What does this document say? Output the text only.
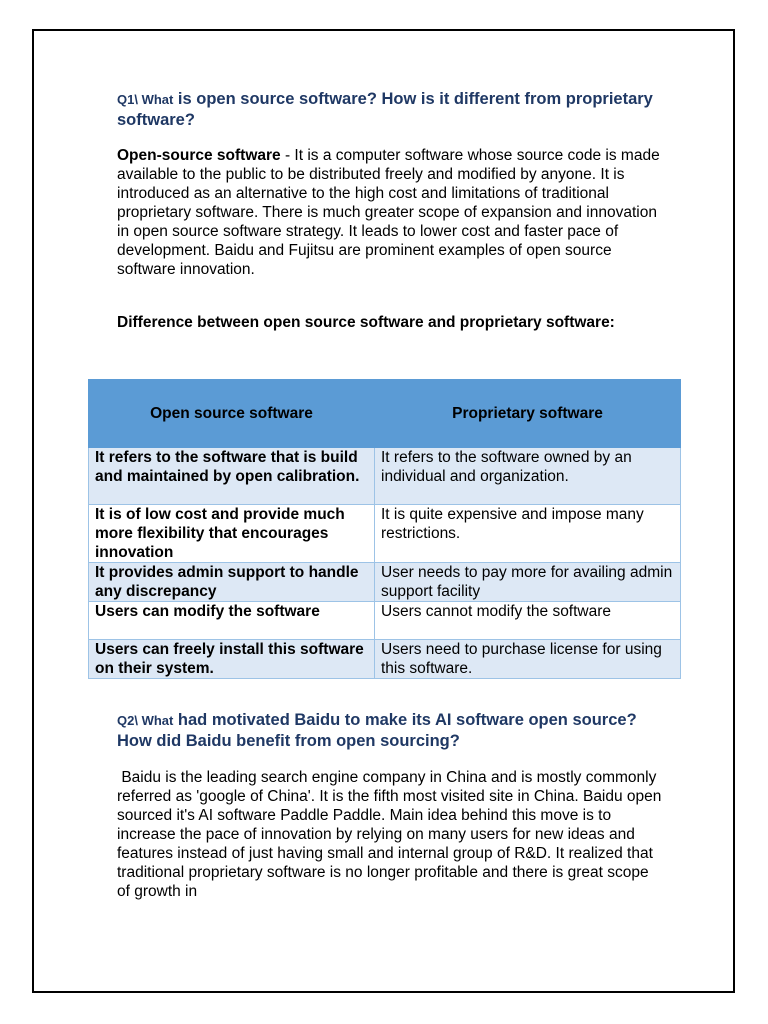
Q1\ What is open source software? How is it different from proprietary software?
Open-source software - It is a computer software whose source code is made available to the public to be distributed freely and modified by anyone. It is introduced as an alternative to the high cost and limitations of traditional proprietary software. There is much greater scope of expansion and innovation in open source software strategy. It leads to lower cost and faster pace of development. Baidu and Fujitsu are prominent examples of open source software innovation.
Difference between open source software and proprietary software:
Open source software	Proprietary software
It refers to the software that is build and maintained by open calibration.	It refers to the software owned by an individual and organization.
It is of low cost and provide much more flexibility that encourages innovation	It is quite expensive and impose many restrictions.
It provides admin support to handle any discrepancy	User needs to pay more for availing admin support facility
Users can modify the software	Users cannot modify the software
Users can freely install this software on their system.	Users need to purchase license for using this software.
Q2\ What had motivated Baidu to make its AI software open source? How did Baidu benefit from open sourcing?
Baidu is the leading search engine company in China and is mostly commonly referred as 'google of China'. It is the fifth most visited site in China. Baidu open sourced it's AI software Paddle Paddle. Main idea behind this move is to increase the pace of innovation by relying on many users for new ideas and features instead of just having small and internal group of R&D. It realized that traditional proprietary software is no longer profitable and there is great scope of growth in
